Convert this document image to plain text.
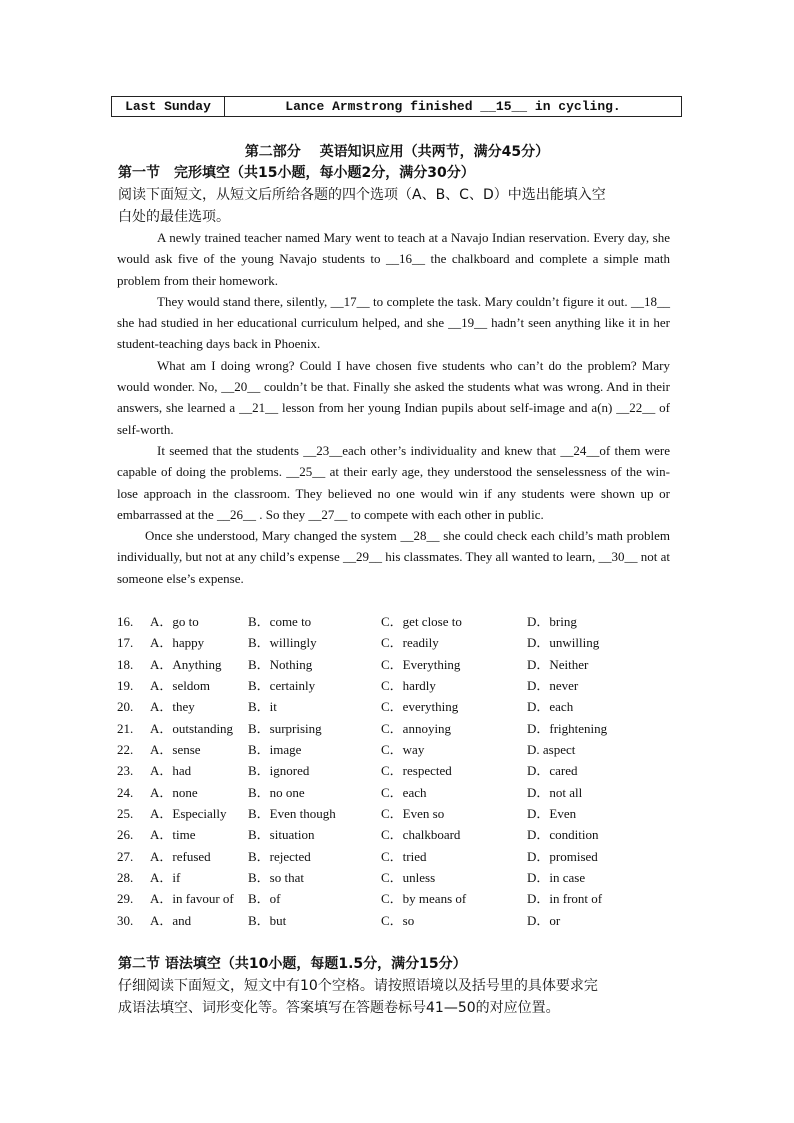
Last Sunday	Lance Armstrong finished __15__ in cycling.
第二部分　 英语知识应用（共两节，满分45分）
第一节　完形填空（共15小题，每小题2分，满分30分）
阅读下面短文，从短文后所给各题的四个选项（A、B、C、D）中选出能填入空
白处的最佳选项。

A newly trained teacher named Mary went to teach at a Navajo Indian reservation. Every day, she would ask five of the young Navajo students to __16__ the chalkboard and complete a simple math problem from their homework.

They would stand there, silently, __17__ to complete the task. Mary couldn’t figure it out. __18__ she had studied in her educational curriculum helped, and she __19__ hadn’t seen anything like it in her student-teaching days back in Phoenix.

What am I doing wrong? Could I have chosen five students who can’t do the problem? Mary would wonder. No, __20__ couldn’t be that. Finally she asked the students what was wrong. And in their answers, she learned a __21__ lesson from her young Indian pupils about self-image and a(n) __22__ of self-worth.

It seemed that the students __23__each other’s individuality and knew that __24__of them were capable of doing the problems. __25__ at their early age, they understood the senselessness of the win-lose approach in the classroom. They believed no one would win if any students were shown up or embarrassed at the __26__ . So they __27__ to compete with each other in public.

Once she understood, Mary changed the system __28__ she could check each child’s math problem individually, but not at any child’s expense __29__ his classmates. They all wanted to learn, __30__ not at someone else’s expense.

16. A．go to	B．come to	C．get close to	D．bring
17. A．happy	B．willingly	C．readily	D．unwilling
18. A．Anything B．Nothing	C．Everything	D．Neither
19. A．seldom	B．certainly	C．hardly	D．never
20. A．they	B．it	C．everything	D．each
21. A．outstanding B．surprising	C．annoying	D．frightening
22. A．sense	B．image	C．way	D. aspect
23. A．had	B．ignored	C．respected	D．cared
24. A．none	B．no one	C．each	D．not all
25. A．Especially B．Even though	C．Even so	D．Even
26. A．time	B．situation	C．chalkboard	D．condition
27. A．refused	B．rejected	C．tried	D．promised
28. A．if	B．so that	C．unless	D．in case
29. A．in favour of B．of	C．by means of	D．in front of
30. A．and	B．but	C．so	D．or
第二节 语法填空（共10小题，每题1.5分，满分15分）
仔细阅读下面短文，短文中有10个空格。请按照语境以及括号里的具体要求完
成语法填空、词形变化等。答案填写在答题卷标号41—50的对应位置。
